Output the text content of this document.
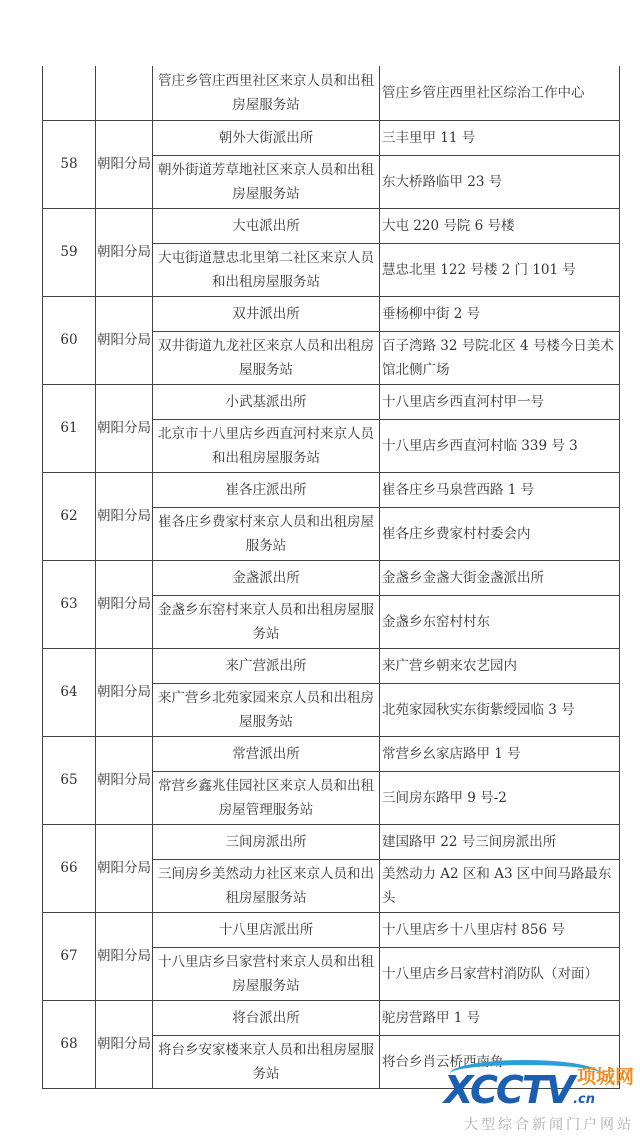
		管庄乡管庄西里社区来京人员和出租房屋服务站	管庄乡管庄西里社区综治工作中心
58	朝阳分局	朝外大街派出所	三丰里甲 11 号
		朝外街道芳草地社区来京人员和出租房屋服务站	东大桥路临甲 23 号
59	朝阳分局	大屯派出所	大屯 220 号院 6 号楼
		大屯街道慧忠北里第二社区来京人员和出租房屋服务站	慧忠北里 122 号楼 2 门 101 号
60	朝阳分局	双井派出所	垂杨柳中街 2 号
		双井街道九龙社区来京人员和出租房屋服务站	百子湾路 32 号院北区 4 号楼今日美术馆北侧广场
61	朝阳分局	小武基派出所	十八里店乡西直河村甲一号
		北京市十八里店乡西直河村来京人员和出租房屋服务站	十八里店乡西直河村临 339 号 3
62	朝阳分局	崔各庄派出所	崔各庄乡马泉营西路 1 号
		崔各庄乡费家村来京人员和出租房屋服务站	崔各庄乡费家村村委会内
63	朝阳分局	金盏派出所	金盏乡金盏大街金盏派出所
		金盏乡东窑村来京人员和出租房屋服务站	金盏乡东窑村村东
64	朝阳分局	来广营派出所	来广营乡朝来农艺园内
		来广营乡北苑家园来京人员和出租房屋服务站	北苑家园秋实东街紫绶园临 3 号
65	朝阳分局	常营派出所	常营乡幺家店路甲 1 号
		常营乡鑫兆佳园社区来京人员和出租房屋管理服务站	三间房东路甲 9 号-2
66	朝阳分局	三间房派出所	建国路甲 22 号三间房派出所
		三间房乡美然动力社区来京人员和出租房屋服务站	美然动力 A2 区和 A3 区中间马路最东头
67	朝阳分局	十八里店派出所	十八里店乡十八里店村 856 号
		十八里店乡吕家营村来京人员和出租房屋服务站	十八里店乡吕家营村消防队（对面）
68	朝阳分局	将台派出所	驼房营路甲 1 号
		将台乡安家楼来京人员和出租房屋服务站	将台乡肖云桥西南角
XCCTV.cn
项城网
大型综合新闻门户网站
